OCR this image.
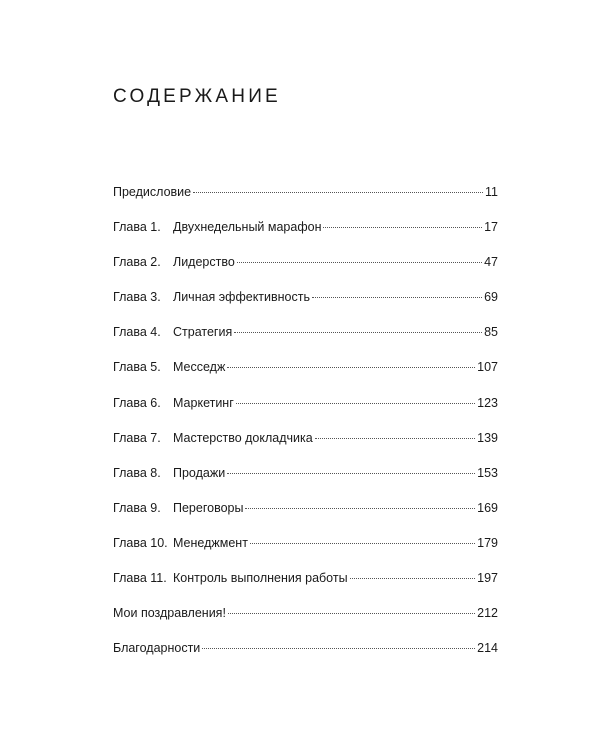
СОДЕРЖАНИЕ
Предисловие	11
Глава 1. Двухнедельный марафон	17
Глава 2. Лидерство	47
Глава 3. Личная эффективность	69
Глава 4. Стратегия	85
Глава 5. Месседж	107
Глава 6. Маркетинг	123
Глава 7. Мастерство докладчика	139
Глава 8. Продажи	153
Глава 9. Переговоры	169
Глава 10. Менеджмент	179
Глава 11. Контроль выполнения работы	197
Мои поздравления!	212
Благодарности	214
